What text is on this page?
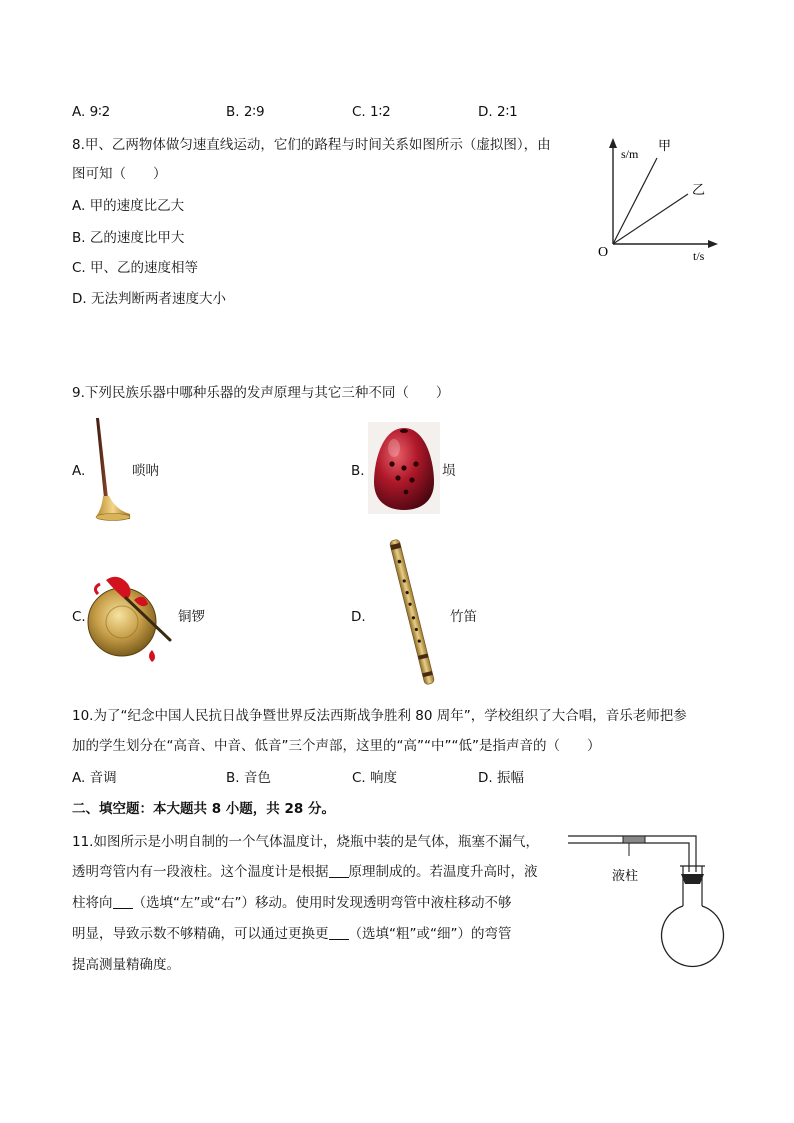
A. 9∶2	B. 2∶9	C. 1∶2	D. 2∶1
8.甲、乙两物体做匀速直线运动，它们的路程与时间关系如图所示（虚拟图），由
图可知（　　）
A. 甲的速度比乙大
B. 乙的速度比甲大
C. 甲、乙的速度相等
D. 无法判断两者速度大小
s/m
甲
乙
O	t/s
9.下列民族乐器中哪种乐器的发声原理与其它三种不同（　　）
A.	唢呐	B.	埙
C.	铜锣	D.	竹笛
10.为了“纪念中国人民抗日战争暨世界反法西斯战争胜利 80 周年”，学校组织了大合唱，音乐老师把参
加的学生划分在“高音、中音、低音”三个声部，这里的“高”“中”“低”是指声音的（　　）
A. 音调	B. 音色	C. 响度	D. 振幅
二、填空题：本大题共 8 小题，共 28 分。
11.如图所示是小明自制的一个气体温度计，烧瓶中装的是气体，瓶塞不漏气，
透明弯管内有一段液柱。这个温度计是根据 原理制成的。若温度升高时，液
柱将向 （选填“左”或“右”）移动。使用时发现透明弯管中液柱移动不够
明显，导致示数不够精确，可以通过更换更 （选填“粗”或“细”）的弯管
提高测量精确度。
液柱
